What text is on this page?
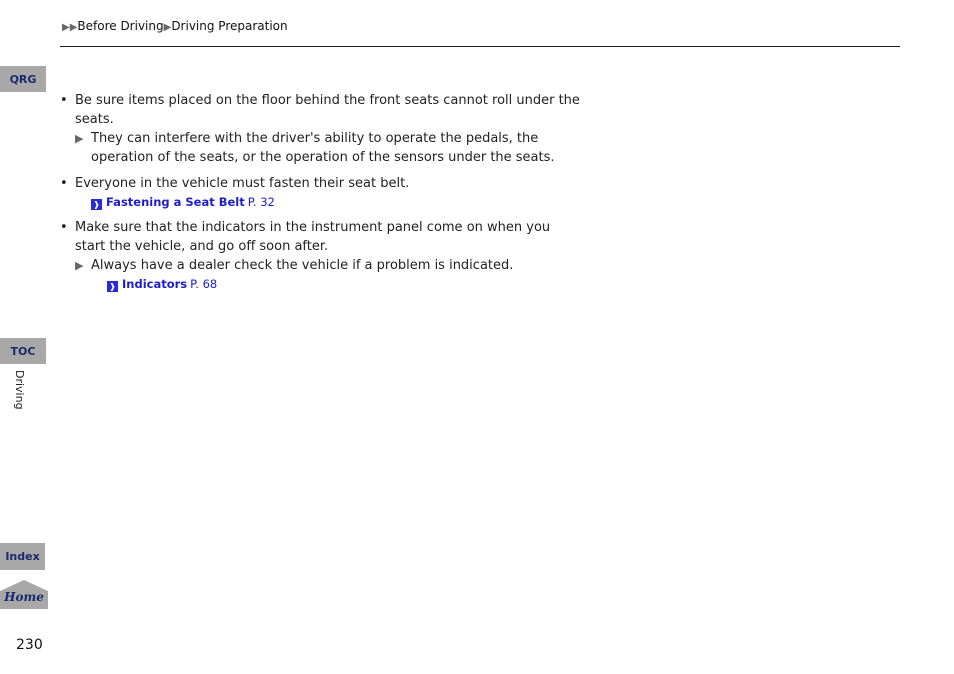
▶▶Before Driving▶Driving Preparation
QRG
TOC
Driving
Index
Home
230
• Be sure items placed on the floor behind the front seats cannot roll under the seats.
▶ They can interfere with the driver's ability to operate the pedals, the operation of the seats, or the operation of the sensors under the seats.
• Everyone in the vehicle must fasten their seat belt.
❱ Fastening a Seat Belt P. 32
• Make sure that the indicators in the instrument panel come on when you start the vehicle, and go off soon after.
▶ Always have a dealer check the vehicle if a problem is indicated.
❱ Indicators P. 68
